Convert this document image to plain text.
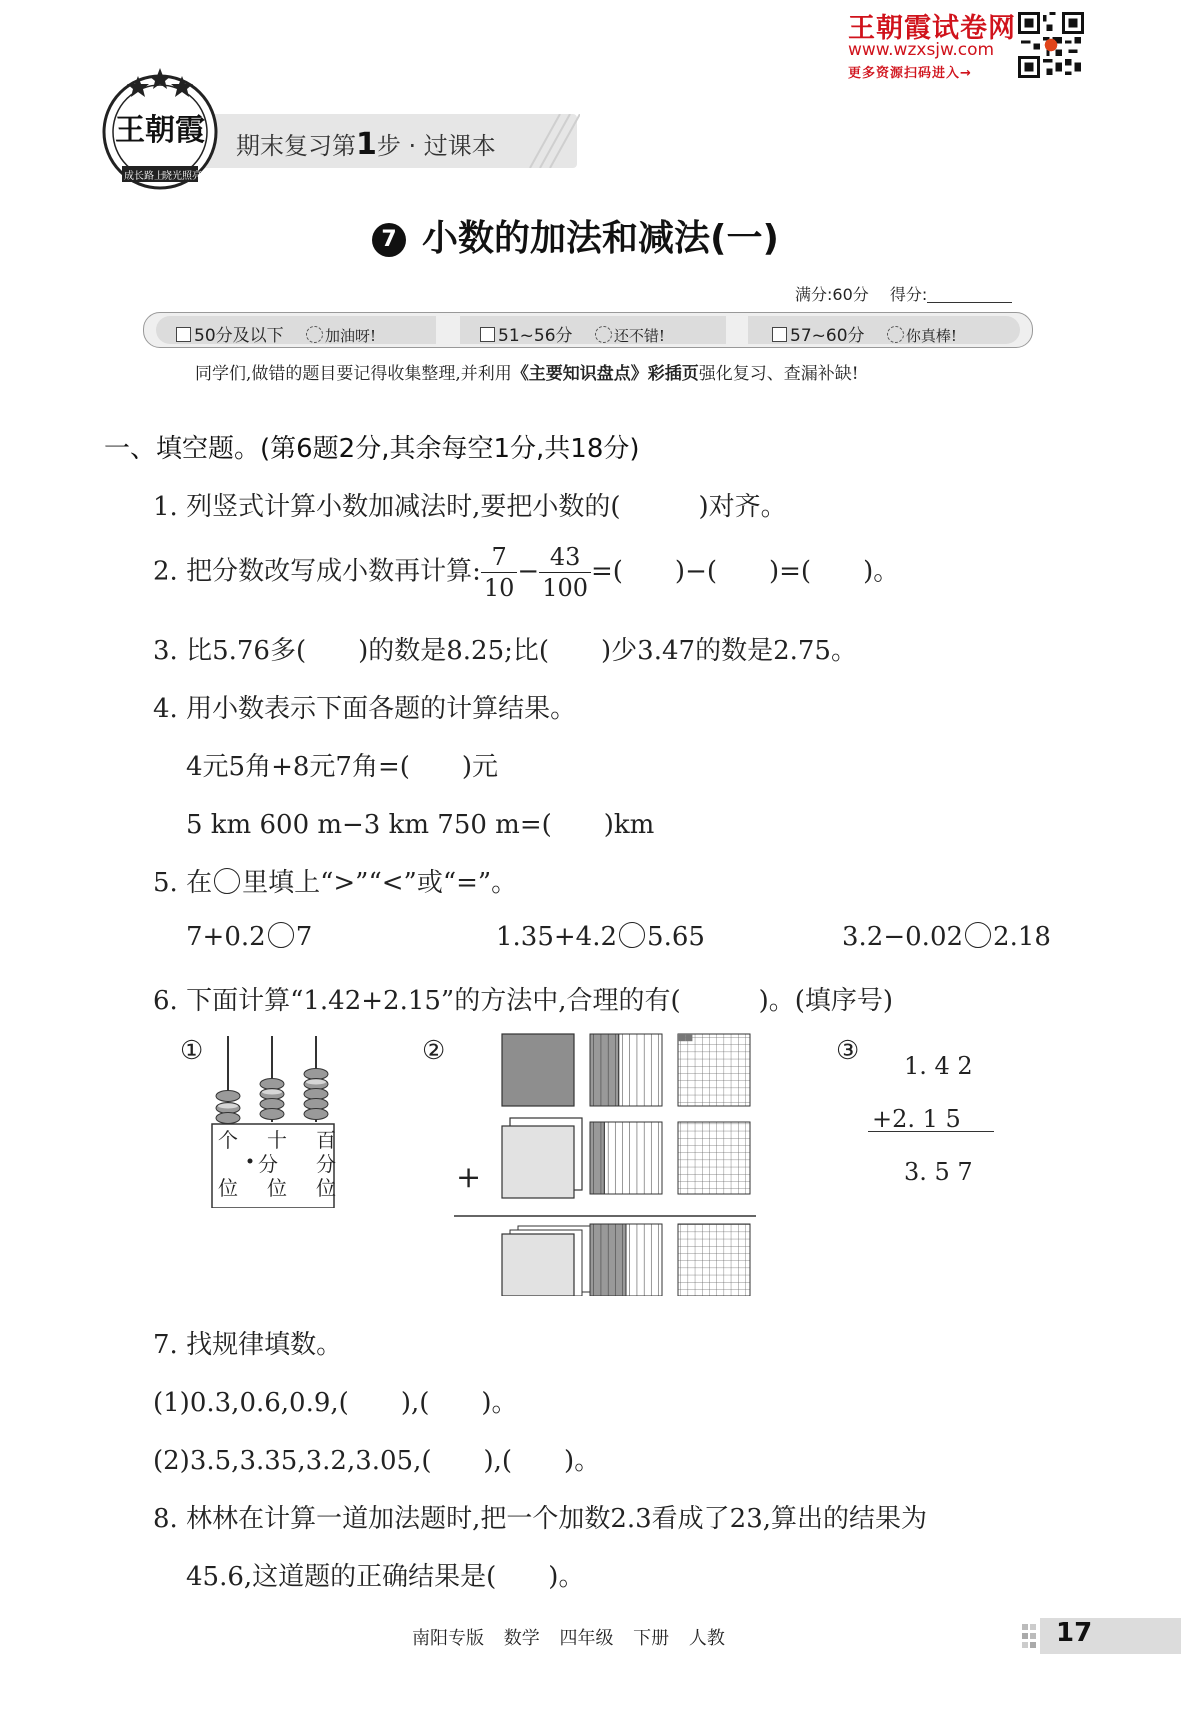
成长路上
晓光照亮
王朝霞 期末复习第1步 · 过课本
王朝霞试卷网
www.wzxsjw.com
更多资源扫码进入→
7 小数的加法和减法(一)
满分:60分　 得分:
50分及以下　	加油呀!	51~56分　	还不错!	57~60分　	你真棒!
同学们,做错的题目要记得收集整理,并利用《主要知识盘点》彩插页强化复习、查漏补缺!
一、填空题。(第6题2分,其余每空1分,共18分)
1. 列竖式计算小数加减法时,要把小数的(　　　)对齐。
2. 把分数改写成小数再计算: $\frac{7}{10} - \frac{43}{100}$ =(　　)−(　　)=(　　)。
3. 比5.76多(　　)的数是8.25;比(　　)少3.47的数是2.75。
4. 用小数表示下面各题的计算结果。
4元5角+8元7角=(　　)元
5 km 600 m−3 km 750 m=(　　)km
5. 在 里填上“>”“<”或“=”。
7+0.2 7	1.35+4.2 5.65	3.2−0.02 2.18
6. 下面计算“1.42+2.15”的方法中,合理的有(　　　)。(填序号)
①
个 十 百
分 分
位 位 位
②
+
③	1. 4 2
+2. 1 5
3. 5 7
7. 找规律填数。
(1)0.3,0.6,0.9,(　　),(　　)。
(2)3.5,3.35,3.2,3.05,(　　),(　　)。
8. 林林在计算一道加法题时,把一个加数2.3看成了23,算出的结果为
45.6,这道题的正确结果是(　　)。
南阳专版 数学 四年级 下册 人教	17
